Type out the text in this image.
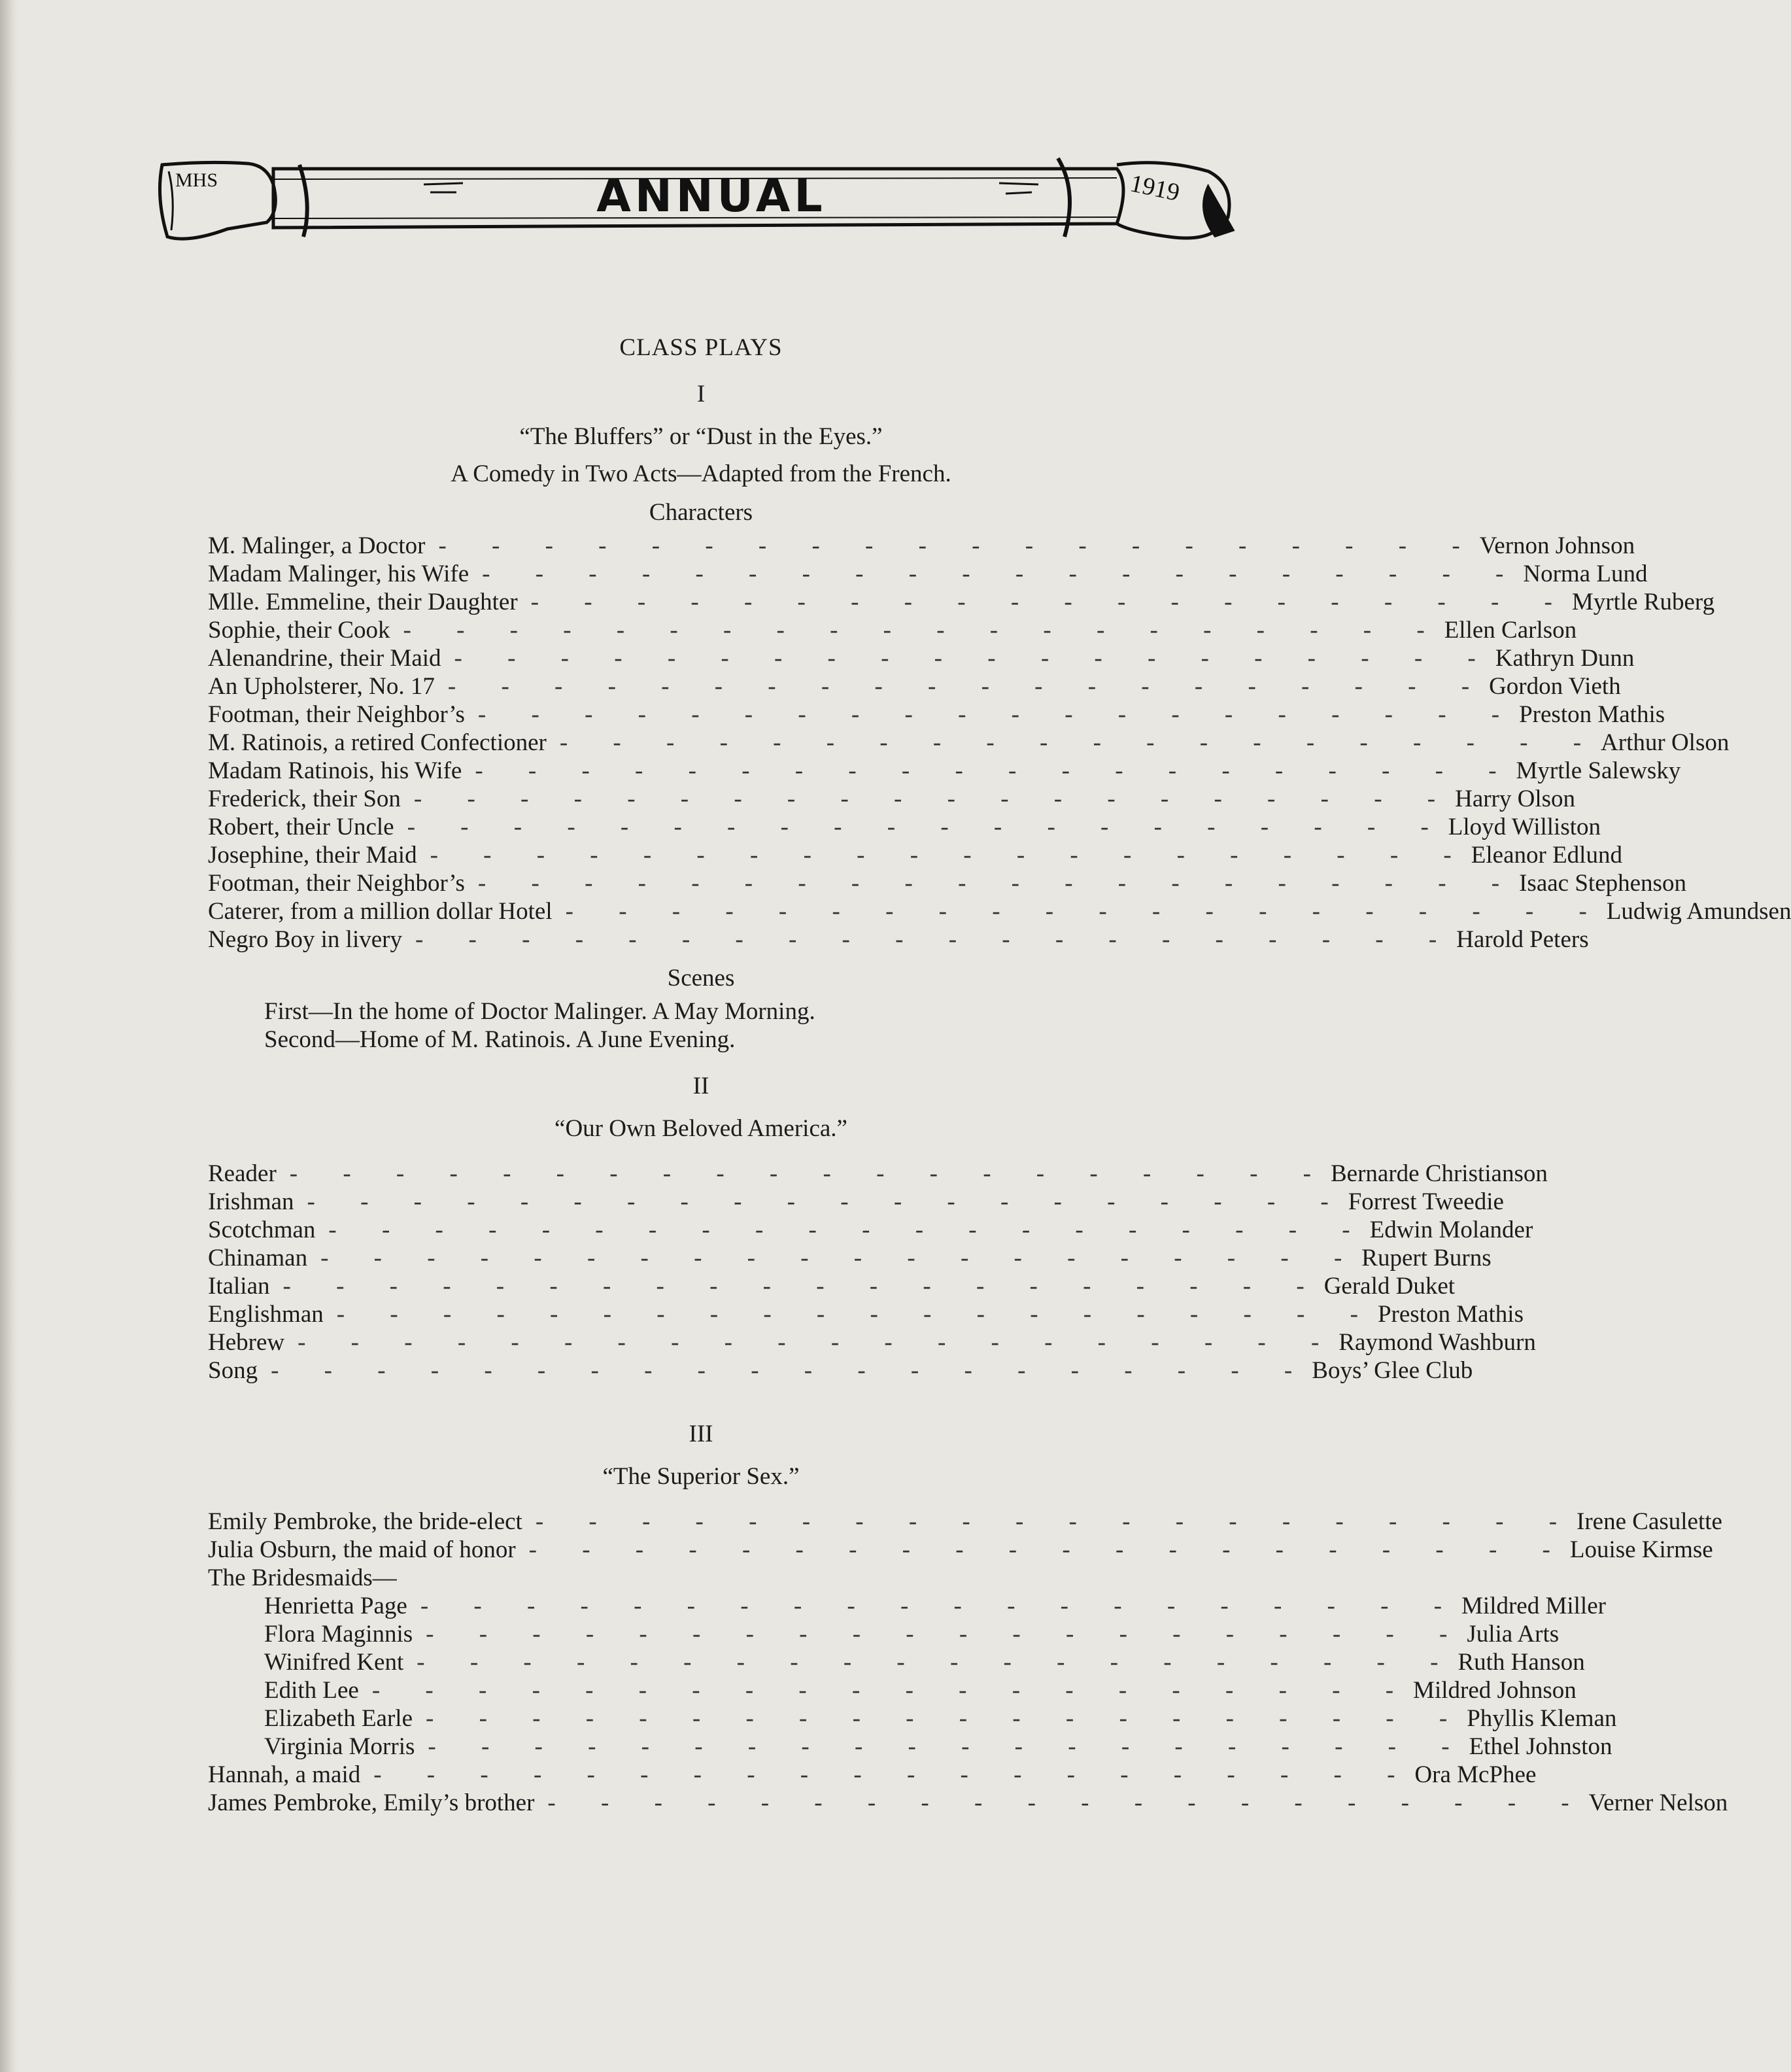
MHS	ANNUAL	1919
CLASS PLAYS
I
“The Bluffers” or “Dust in the Eyes.”
A Comedy in Two Acts—Adapted from the French.
Characters
M. Malinger, a Doctor - - - - - - - - - - - - - - - - - - - - Vernon Johnson
Madam Malinger, his Wife - - - - - - - - - - - - - - - - - - - - Norma Lund
Mlle. Emmeline, their Daughter - - - - - - - - - - - - - - - - - - - - Myrtle Ruberg
Sophie, their Cook - - - - - - - - - - - - - - - - - - - - Ellen Carlson
Alenandrine, their Maid - - - - - - - - - - - - - - - - - - - - Kathryn Dunn
An Upholsterer, No. 17 - - - - - - - - - - - - - - - - - - - - Gordon Vieth
Footman, their Neighbor’s - - - - - - - - - - - - - - - - - - - - Preston Mathis
M. Ratinois, a retired Confectioner - - - - - - - - - - - - - - - - - - - - Arthur Olson
Madam Ratinois, his Wife - - - - - - - - - - - - - - - - - - - - Myrtle Salewsky
Frederick, their Son - - - - - - - - - - - - - - - - - - - - Harry Olson
Robert, their Uncle - - - - - - - - - - - - - - - - - - - - Lloyd Williston
Josephine, their Maid - - - - - - - - - - - - - - - - - - - - Eleanor Edlund
Footman, their Neighbor’s - - - - - - - - - - - - - - - - - - - - Isaac Stephenson
Caterer, from a million dollar Hotel - - - - - - - - - - - - - - - - - - - - Ludwig Amundsen
Negro Boy in livery - - - - - - - - - - - - - - - - - - - - Harold Peters
Scenes
First—In the home of Doctor Malinger. A May Morning.
Second—Home of M. Ratinois. A June Evening.
II
“Our Own Beloved America.”
Reader - - - - - - - - - - - - - - - - - - - - Bernarde Christianson
Irishman - - - - - - - - - - - - - - - - - - - - Forrest Tweedie
Scotchman - - - - - - - - - - - - - - - - - - - - Edwin Molander
Chinaman - - - - - - - - - - - - - - - - - - - - Rupert Burns
Italian - - - - - - - - - - - - - - - - - - - - Gerald Duket
Englishman - - - - - - - - - - - - - - - - - - - - Preston Mathis
Hebrew - - - - - - - - - - - - - - - - - - - - Raymond Washburn
Song - - - - - - - - - - - - - - - - - - - - Boys’ Glee Club
III
“The Superior Sex.”
Emily Pembroke, the bride-elect - - - - - - - - - - - - - - - - - - - - Irene Casulette
Julia Osburn, the maid of honor - - - - - - - - - - - - - - - - - - - - Louise Kirmse
The Bridesmaids—
Henrietta Page - - - - - - - - - - - - - - - - - - - - Mildred Miller
Flora Maginnis - - - - - - - - - - - - - - - - - - - - Julia Arts
Winifred Kent - - - - - - - - - - - - - - - - - - - - Ruth Hanson
Edith Lee - - - - - - - - - - - - - - - - - - - - Mildred Johnson
Elizabeth Earle - - - - - - - - - - - - - - - - - - - - Phyllis Kleman
Virginia Morris - - - - - - - - - - - - - - - - - - - - Ethel Johnston
Hannah, a maid - - - - - - - - - - - - - - - - - - - - Ora McPhee
James Pembroke, Emily’s brother - - - - - - - - - - - - - - - - - - - - Verner Nelson
